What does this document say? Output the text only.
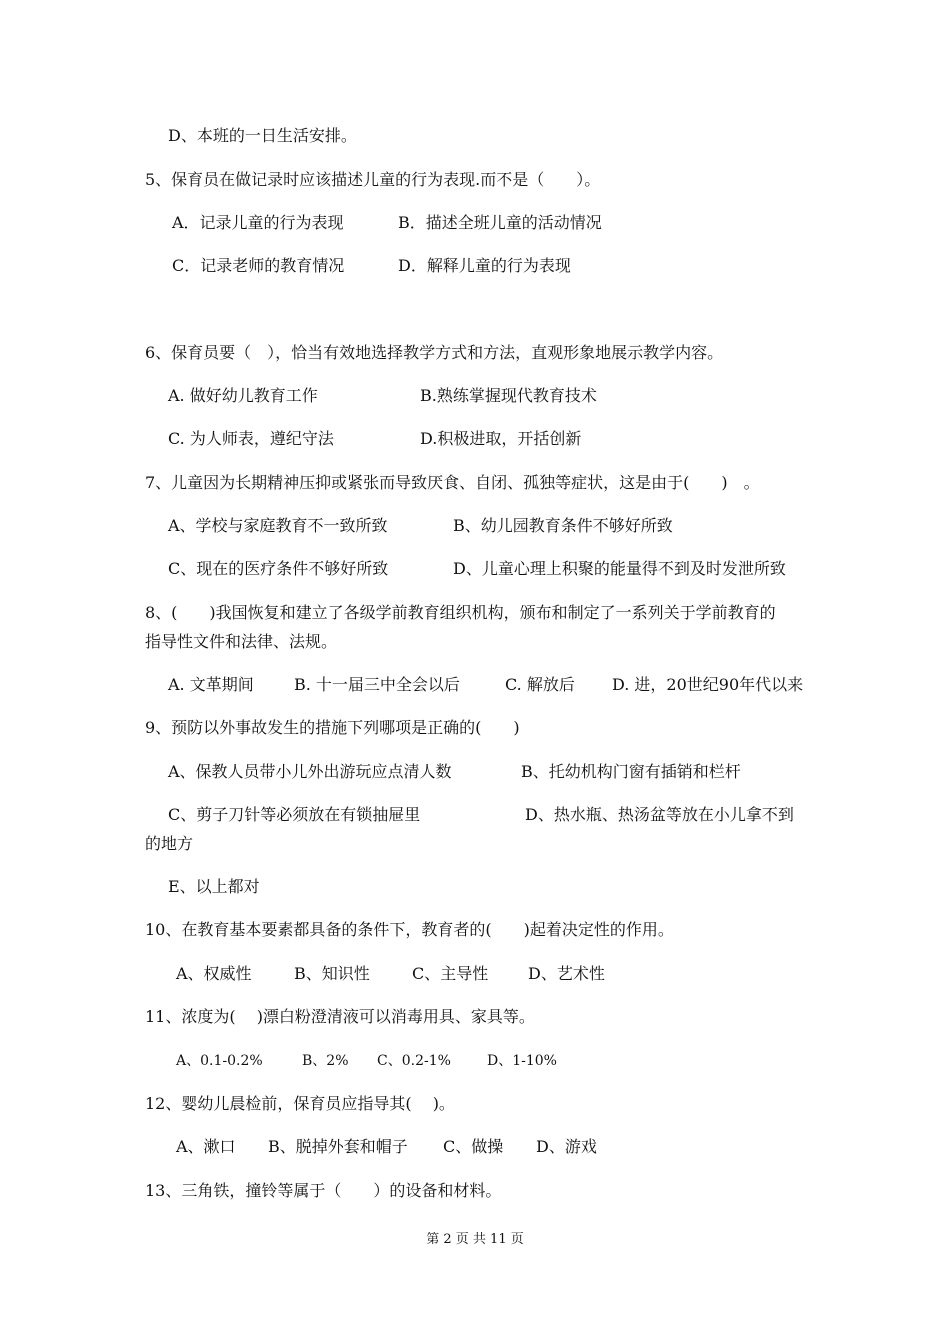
D、本班的一日生活安排。
5、保育员在做记录时应该描述儿童的行为表现.而不是（　　）。
A．记录儿童的行为表现	B．描述全班儿童的活动情况
C．记录老师的教育情况	D．解释儿童的行为表现
6、保育员要（　），恰当有效地选择教学方式和方法，直观形象地展示教学内容。
A. 做好幼儿教育工作	B.熟练掌握现代教育技术
C. 为人师表，遵纪守法	D.积极进取，开括创新
7、儿童因为长期精神压抑或紧张而导致厌食、自闭、孤独等症状，这是由于(　　)　。
A、学校与家庭教育不一致所致	B、幼儿园教育条件不够好所致
C、现在的医疗条件不够好所致	D、儿童心理上积聚的能量得不到及时发泄所致
8、(　　)我国恢复和建立了各级学前教育组织机构，颁布和制定了一系列关于学前教育的
指导性文件和法律、法规。
A. 文革期间	B. 十一届三中全会以后	C. 解放后 D. 进，20世纪90年代以来
9、预防以外事故发生的措施下列哪项是正确的(　　)
A、保教人员带小儿外出游玩应点清人数	B、托幼机构门窗有插销和栏杆
C、剪子刀针等必须放在有锁抽屉里	D、热水瓶、热汤盆等放在小儿拿不到
的地方
E、以上都对
10、在教育基本要素都具备的条件下，教育者的(　　)起着决定性的作用。
A、权威性	B、知识性	C、主导性 D、艺术性
11、浓度为(　 )漂白粉澄清液可以消毒用具、家具等。
A、0.1-0.2%	B、2% C、0.2-1%	D、1-10%
12、婴幼儿晨检前，保育员应指导其(　 )。
A、漱口 B、脱掉外套和帽子 C、做操 D、游戏
13、三角铁，撞铃等属于（　　）的设备和材料。
第 2 页 共 11 页
